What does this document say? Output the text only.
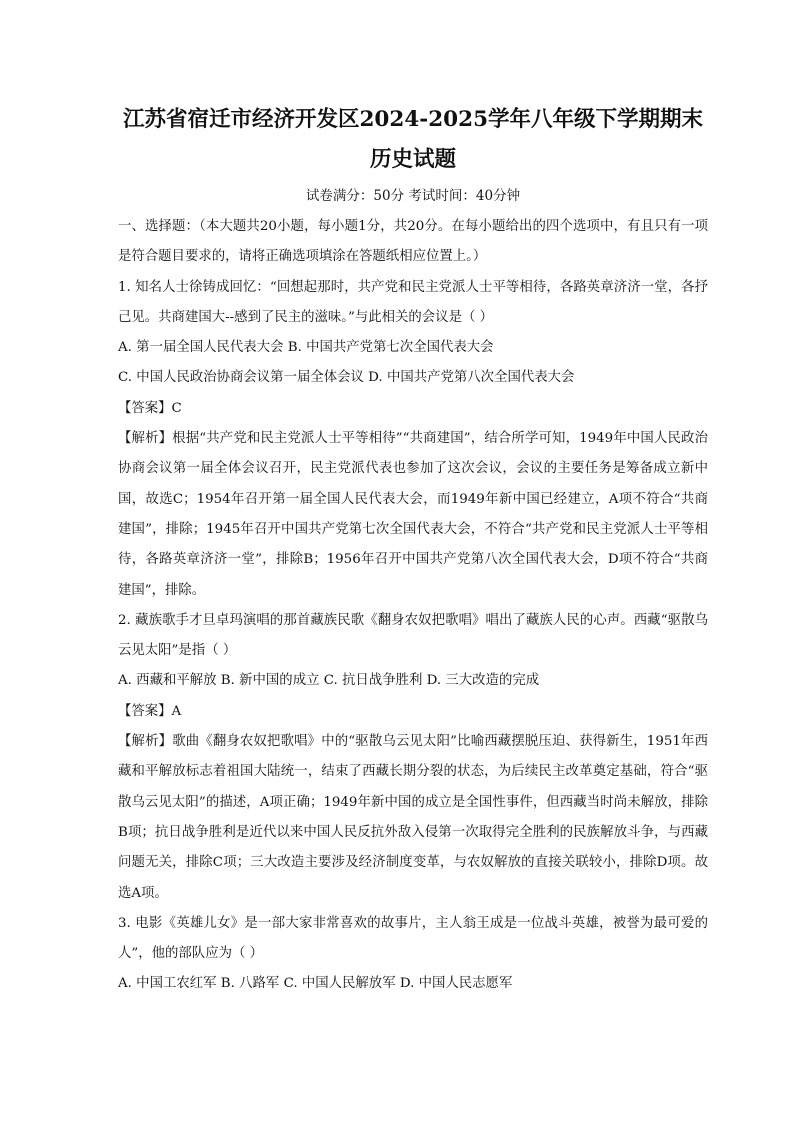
江苏省宿迁市经济开发区2024-2025学年八年级下学期期末
历史试题

试卷满分：50分 考试时间：40分钟

一、选择题：（本大题共20小题，每小题1分，共20分。在每小题给出的四个选项中，有且只有一项是符合题目要求的，请将正确选项填涂在答题纸相应位置上。）

1. 知名人士徐铸成回忆：“回想起那时，共产党和民主党派人士平等相待，各路英章济济一堂，各抒己见。共商建国大--感到了民主的滋味。”与此相关的会议是（ ）

A. 第一届全国人民代表大会 B. 中国共产党第七次全国代表大会

C. 中国人民政治协商会议第一届全体会议 D. 中国共产党第八次全国代表大会

【答案】C

【解析】根据“共产党和民主党派人士平等相待”“共商建国”，结合所学可知，1949年中国人民政治协商会议第一届全体会议召开，民主党派代表也参加了这次会议，会议的主要任务是筹备成立新中国，故选C；1954年召开第一届全国人民代表大会，而1949年新中国已经建立，A项不符合“共商建国”，排除；1945年召开中国共产党第七次全国代表大会，不符合“共产党和民主党派人士平等相待，各路英章济济一堂”，排除B；1956年召开中国共产党第八次全国代表大会，D项不符合“共商建国”，排除。

2. 藏族歌手才旦卓玛演唱的那首藏族民歌《翻身农奴把歌唱》唱出了藏族人民的心声。西藏“驱散乌云见太阳”是指（ ）

A. 西藏和平解放 B. 新中国的成立 C. 抗日战争胜利 D. 三大改造的完成

【答案】A

【解析】歌曲《翻身农奴把歌唱》中的“驱散乌云见太阳”比喻西藏摆脱压迫、获得新生，1951年西藏和平解放标志着祖国大陆统一，结束了西藏长期分裂的状态，为后续民主改革奠定基础，符合“驱散乌云见太阳”的描述，A项正确；1949年新中国的成立是全国性事件，但西藏当时尚未解放，排除B项；抗日战争胜利是近代以来中国人民反抗外敌入侵第一次取得完全胜利的民族解放斗争，与西藏问题无关，排除C项；三大改造主要涉及经济制度变革，与农奴解放的直接关联较小，排除D项。故选A项。

3. 电影《英雄儿女》是一部大家非常喜欢的故事片，主人翁王成是一位战斗英雄，被誉为最可爱的人”，他的部队应为（ ）

A. 中国工农红军 B. 八路军 C. 中国人民解放军 D. 中国人民志愿军
